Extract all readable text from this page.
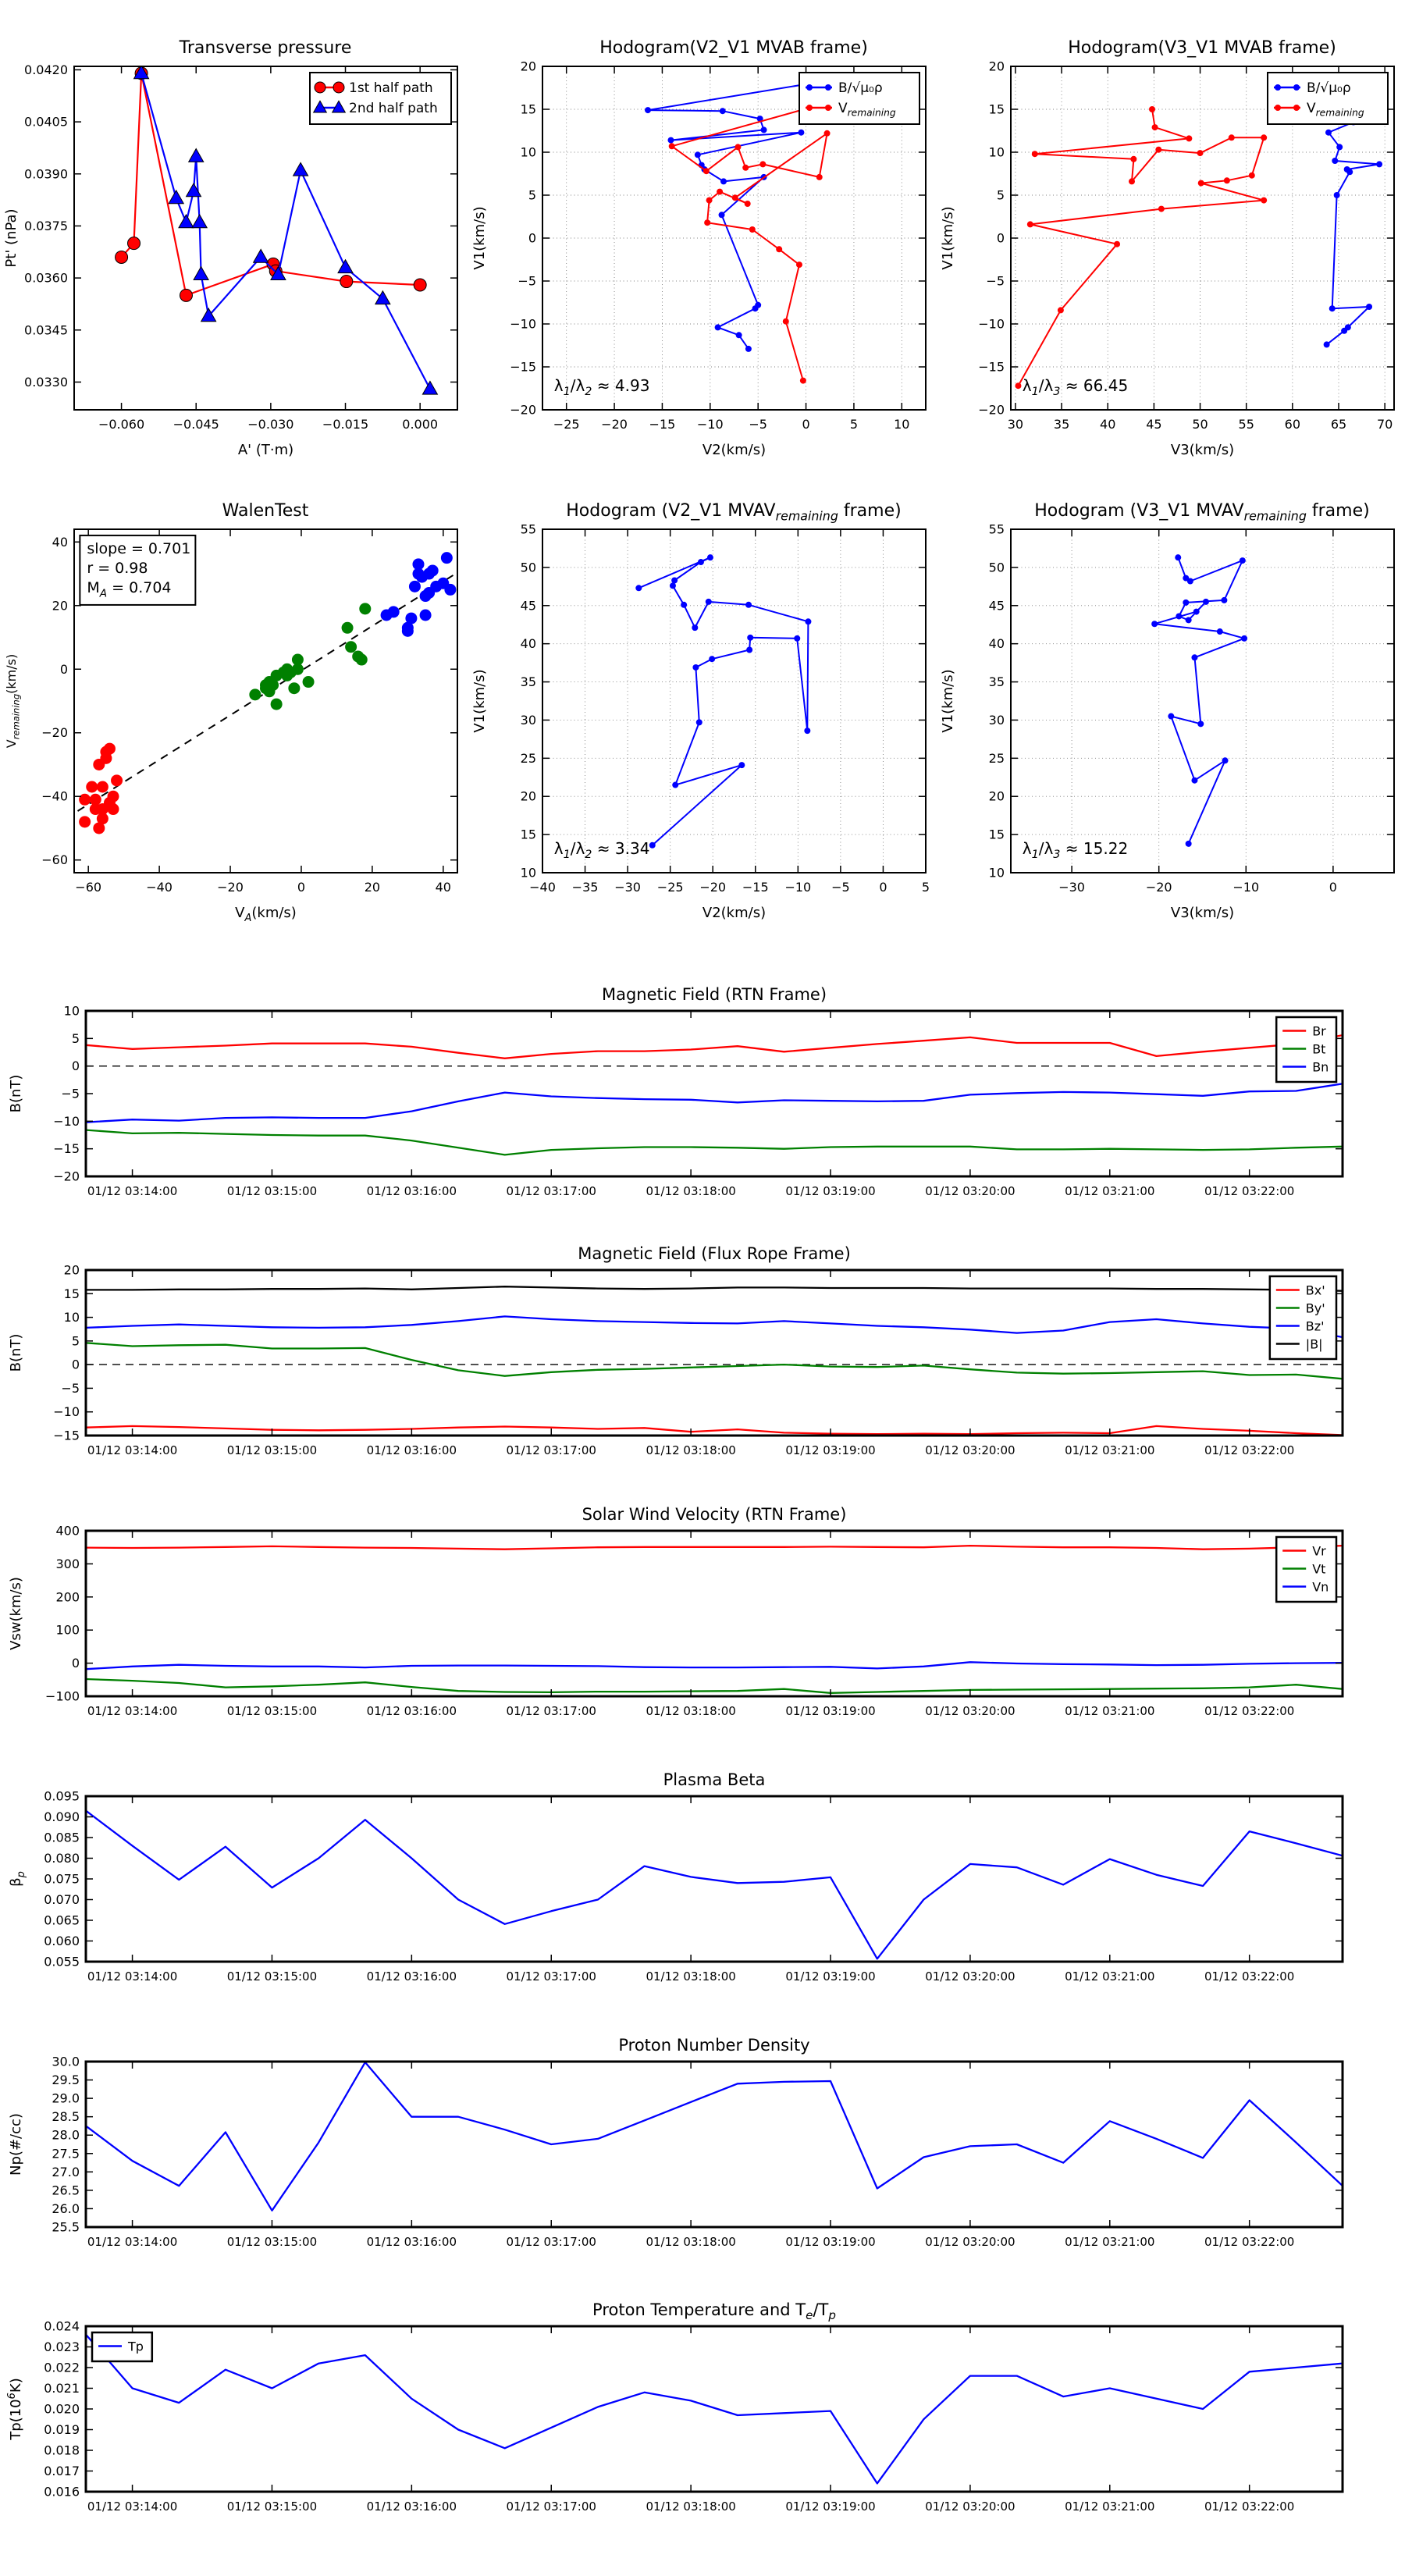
Transverse pressure
−0.060 −0.045 −0.030 −0.015	0.000
0.0330
0.0345
0.0360
0.0375
0.0390
0.0405
0.0420
A' (T·m)
Pt' (nPa)
1st half path
2nd half path
Hodogram(V2_V1 MVAB frame)
−25 −20 −15 −10 −5	0	5	10
−20
−15
−10
−5
0
5
10
15
20
V2(km/s)
V1(km/s)
B/√μ₀ρ
$V_{remaining}$
$\lambda_1/\lambda_2 \approx 4.93$
Hodogram(V3_V1 MVAB frame)
30 35 40 45 50 55 60 65 70
−20
−15
−10
−5
0
5
10
15
20
V3(km/s)
V1(km/s)
B/√μ₀ρ
$V_{remaining}$
$\lambda_1/\lambda_3 \approx 66.45$
WalenTest
−60	−40	−20	0	20	40
−60
−40
−20
0
20
40
$V_A(km/s)$
$V_{remaining}(km/s)$
slope = 0.701
r = 0.98
$M_A = 0.704$
Hodogram (V2_V1 $MVAV_{remaining}$ frame)
−40 −35 −30 −25 −20 −15 −10 −5 0	5
10
15
20
25
30
35
40
45
50
55
V2(km/s)
V1(km/s)
$\lambda_1/\lambda_2 \approx 3.34$
Hodogram (V3_V1 $MVAV_{remaining}$ frame)
−30	−20	−10	0
10
15
20
25
30
35
40
45
50
55
V3(km/s)
V1(km/s)
$\lambda_1/\lambda_3 \approx 15.22$
Magnetic Field (RTN Frame)
01/12 03:14:00	01/12 03:15:00	01/12 03:16:00	01/12 03:17:00	01/12 03:18:00	01/12 03:19:00	01/12 03:20:00	01/12 03:21:00	01/12 03:22:00
−20
−15
−10
−5
0
5
10
B(nT)
Br
Bt
Bn
Magnetic Field (Flux Rope Frame)
01/12 03:14:00	01/12 03:15:00	01/12 03:16:00	01/12 03:17:00	01/12 03:18:00	01/12 03:19:00	01/12 03:20:00	01/12 03:21:00	01/12 03:22:00
−15
−10
−5
0
5
10
15
20
B(nT)
Bx'
By'
Bz'
|B|
Solar Wind Velocity (RTN Frame)
01/12 03:14:00	01/12 03:15:00	01/12 03:16:00	01/12 03:17:00	01/12 03:18:00	01/12 03:19:00	01/12 03:20:00	01/12 03:21:00	01/12 03:22:00
−100
0
100
200
300
400
Vsw(km/s)
Vr
Vt
Vn
Plasma Beta
01/12 03:14:00	01/12 03:15:00	01/12 03:16:00	01/12 03:17:00	01/12 03:18:00	01/12 03:19:00	01/12 03:20:00	01/12 03:21:00	01/12 03:22:00
0.055
0.060
0.065
0.070
0.075
0.080
0.085
0.090
0.095
$\beta_p$
Proton Number Density
01/12 03:14:00	01/12 03:15:00	01/12 03:16:00	01/12 03:17:00	01/12 03:18:00	01/12 03:19:00	01/12 03:20:00	01/12 03:21:00	01/12 03:22:00
25.5
26.0
26.5
27.0
27.5
28.0
28.5
29.0
29.5
30.0
Np(#/cc)
Proton Temperature and $T_e/T_p$
01/12 03:14:00	01/12 03:15:00	01/12 03:16:00	01/12 03:17:00	01/12 03:18:00	01/12 03:19:00	01/12 03:20:00	01/12 03:21:00	01/12 03:22:00
0.016
0.017
0.018
0.019
0.020
0.021
0.022
0.023
0.024
$Tp(10^6K)$
Tp
